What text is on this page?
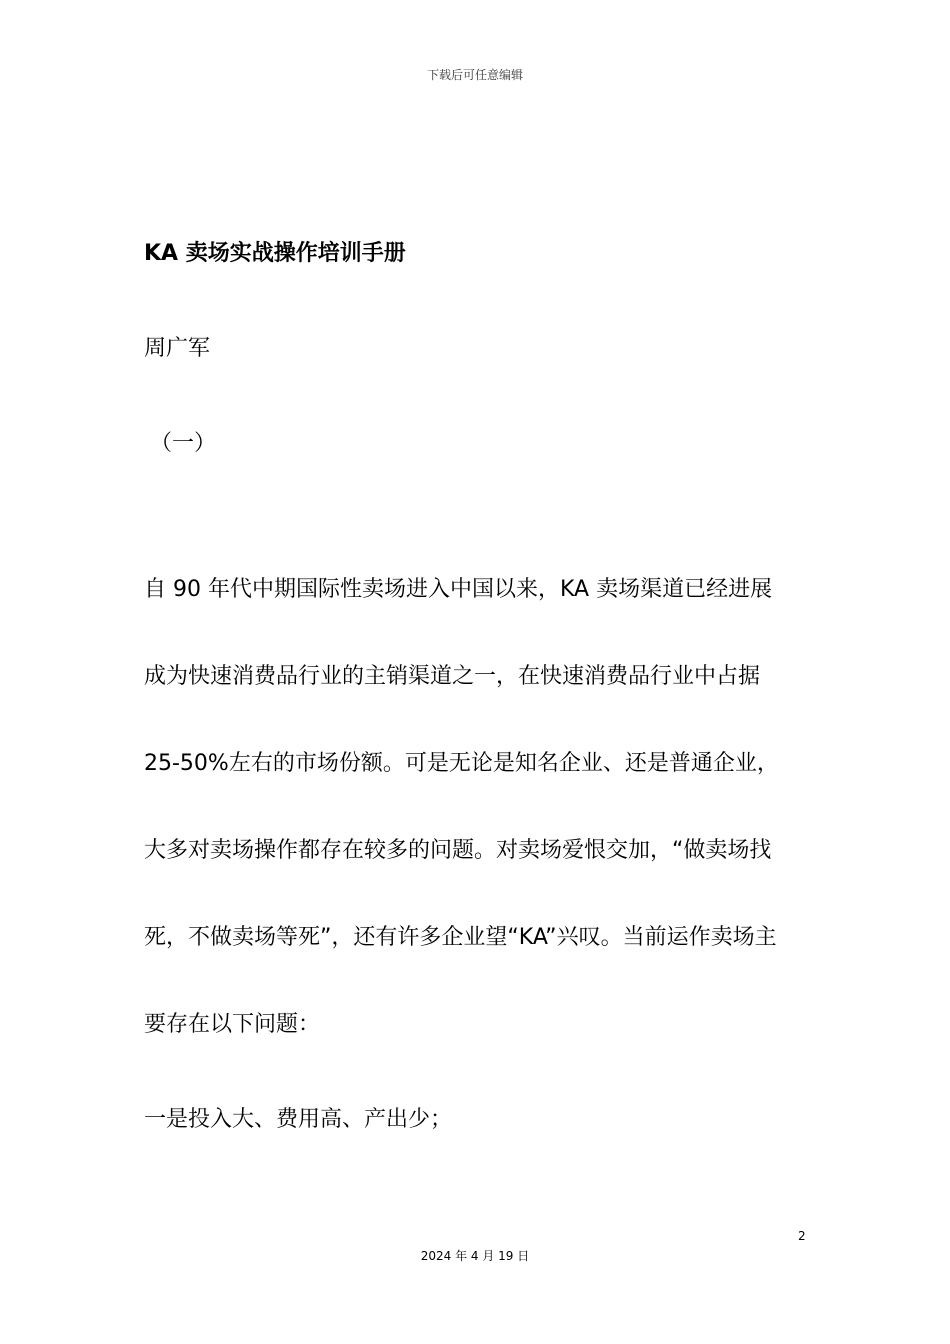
下载后可任意编辑
KA 卖场实战操作培训手册
周广军
（一）
自 90 年代中期国际性卖场进入中国以来，KA 卖场渠道已经进展
成为快速消费品行业的主销渠道之一，在快速消费品行业中占据
25-50%左右的市场份额。可是无论是知名企业、还是普通企业，
大多对卖场操作都存在较多的问题。对卖场爱恨交加，“做卖场找
死，不做卖场等死”，还有许多企业望“KA”兴叹。当前运作卖场主
要存在以下问题：
一是投入大、费用高、产出少；
2
2024 年 4 月 19 日
